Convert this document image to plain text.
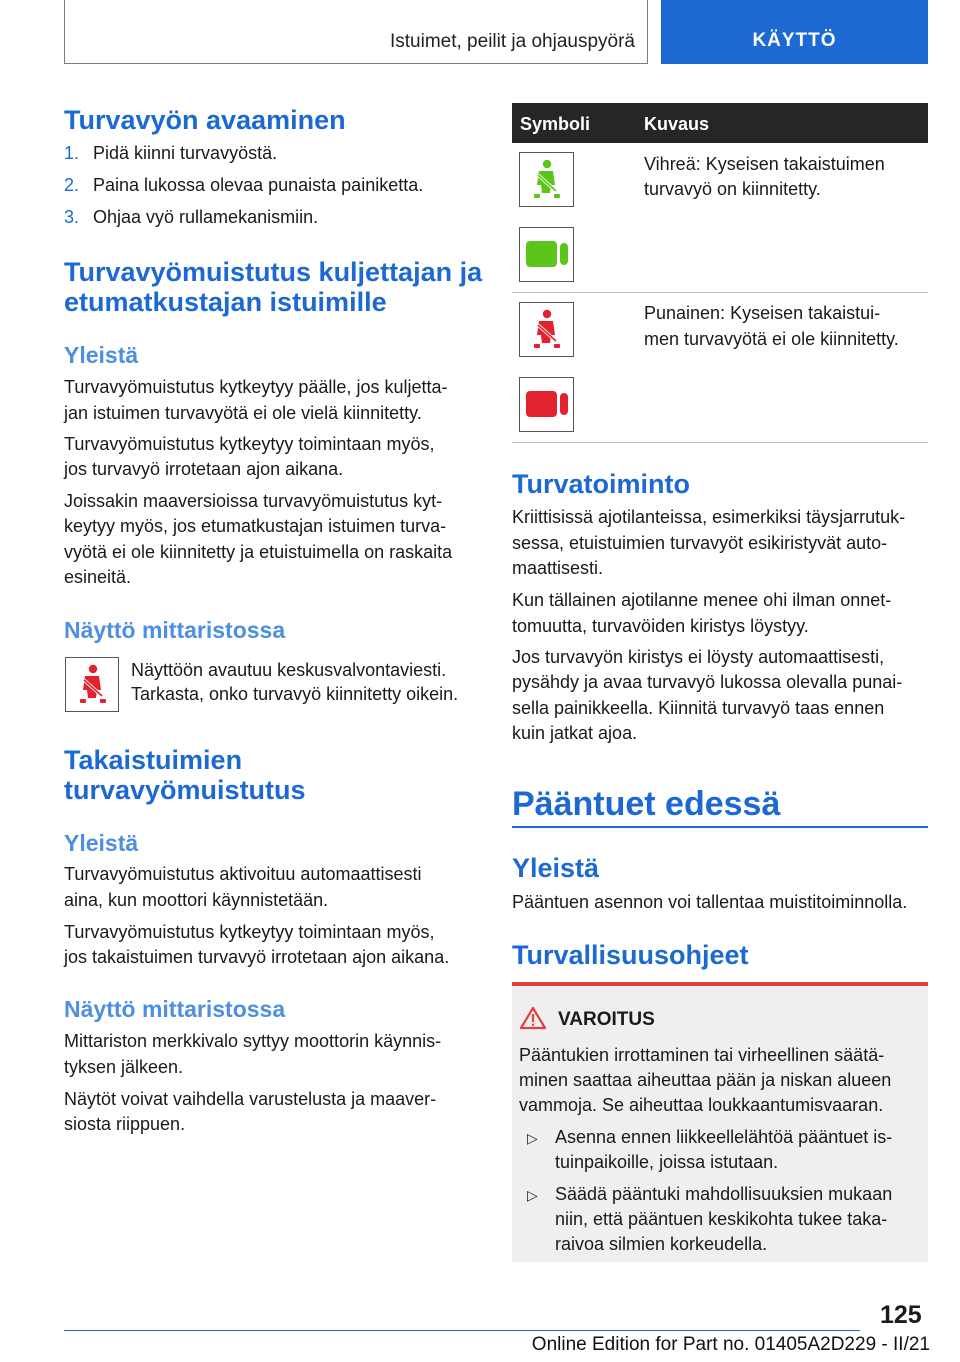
Istuimet, peilit ja ohjauspyörä	KÄYTTÖ
Turvavyön avaaminen
1. Pidä kiinni turvavyöstä.
2. Paina lukossa olevaa punaista painiketta.
3. Ohjaa vyö rullamekanismiin.
Turvavyömuistutus kuljettajan ja
etumatkustajan istuimille
Yleistä
Turvavyömuistutus kytkeytyy päälle, jos kuljetta-
jan istuimen turvavyötä ei ole vielä kiinnitetty.
Turvavyömuistutus kytkeytyy toimintaan myös,
jos turvavyö irrotetaan ajon aikana.
Joissakin maaversioissa turvavyömuistutus kyt-
keytyy myös, jos etumatkustajan istuimen turva-
vyötä ei ole kiinnitetty ja etuistuimella on raskaita
esineitä.
Näyttö mittaristossa
Näyttöön avautuu keskusvalvontaviesti.
Tarkasta, onko turvavyö kiinnitetty oikein.
Takaistuimien
turvavyömuistutus
Yleistä
Turvavyömuistutus aktivoituu automaattisesti
aina, kun moottori käynnistetään.
Turvavyömuistutus kytkeytyy toimintaan myös,
jos takaistuimen turvavyö irrotetaan ajon aikana.
Näyttö mittaristossa
Mittariston merkkivalo syttyy moottorin käynnis-
tyksen jälkeen.
Näytöt voivat vaihdella varustelusta ja maaver-
siosta riippuen.
Symboli	Kuvaus
Vihreä: Kyseisen takaistuimen
turvavyö on kiinnitetty.
Punainen: Kyseisen takaistui-
men turvavyötä ei ole kiinnitetty.
Turvatoiminto
Kriittisissä ajotilanteissa, esimerkiksi täysjarrutuk-
sessa, etuistuimien turvavyöt esikiristyvät auto-
maattisesti.
Kun tällainen ajotilanne menee ohi ilman onnet-
tomuutta, turvavöiden kiristys löystyy.
Jos turvavyön kiristys ei löysty automaattisesti,
pysähdy ja avaa turvavyö lukossa olevalla punai-
sella painikkeella. Kiinnitä turvavyö taas ennen
kuin jatkat ajoa.
Pääntuet edessä
Yleistä
Pääntuen asennon voi tallentaa muistitoiminnolla.
Turvallisuusohjeet
VAROITUS
Pääntukien irrottaminen tai virheellinen säätä-
minen saattaa aiheuttaa pään ja niskan alueen
vammoja. Se aiheuttaa loukkaantumisvaaran.
▷ Asenna ennen liikkeellelähtöä pääntuet is-
tuinpaikoille, joissa istutaan.
▷ Säädä pääntuki mahdollisuuksien mukaan
niin, että pääntuen keskikohta tukee taka-
raivoa silmien korkeudella.
125
Online Edition for Part no. 01405A2D229 - II/21
